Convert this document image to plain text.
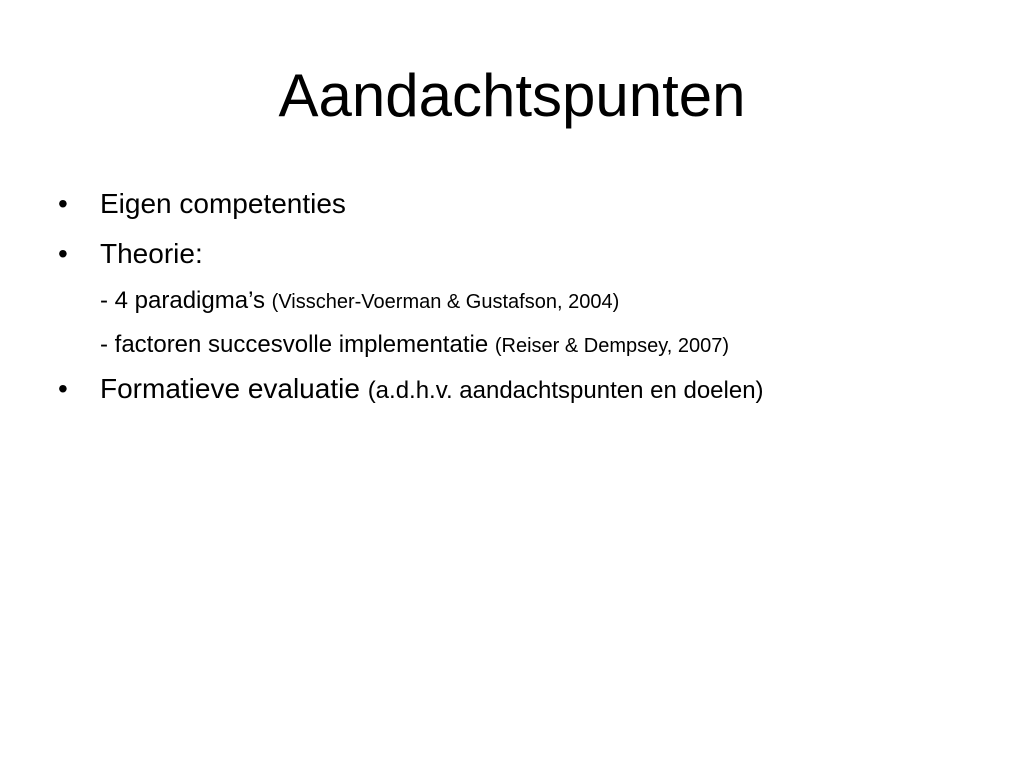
Aandachtspunten
• Eigen competenties
• Theorie:
- 4 paradigma’s (Visscher-Voerman & Gustafson, 2004)
- factoren succesvolle implementatie (Reiser & Dempsey, 2007)
• Formatieve evaluatie (a.d.h.v. aandachtspunten en doelen)
